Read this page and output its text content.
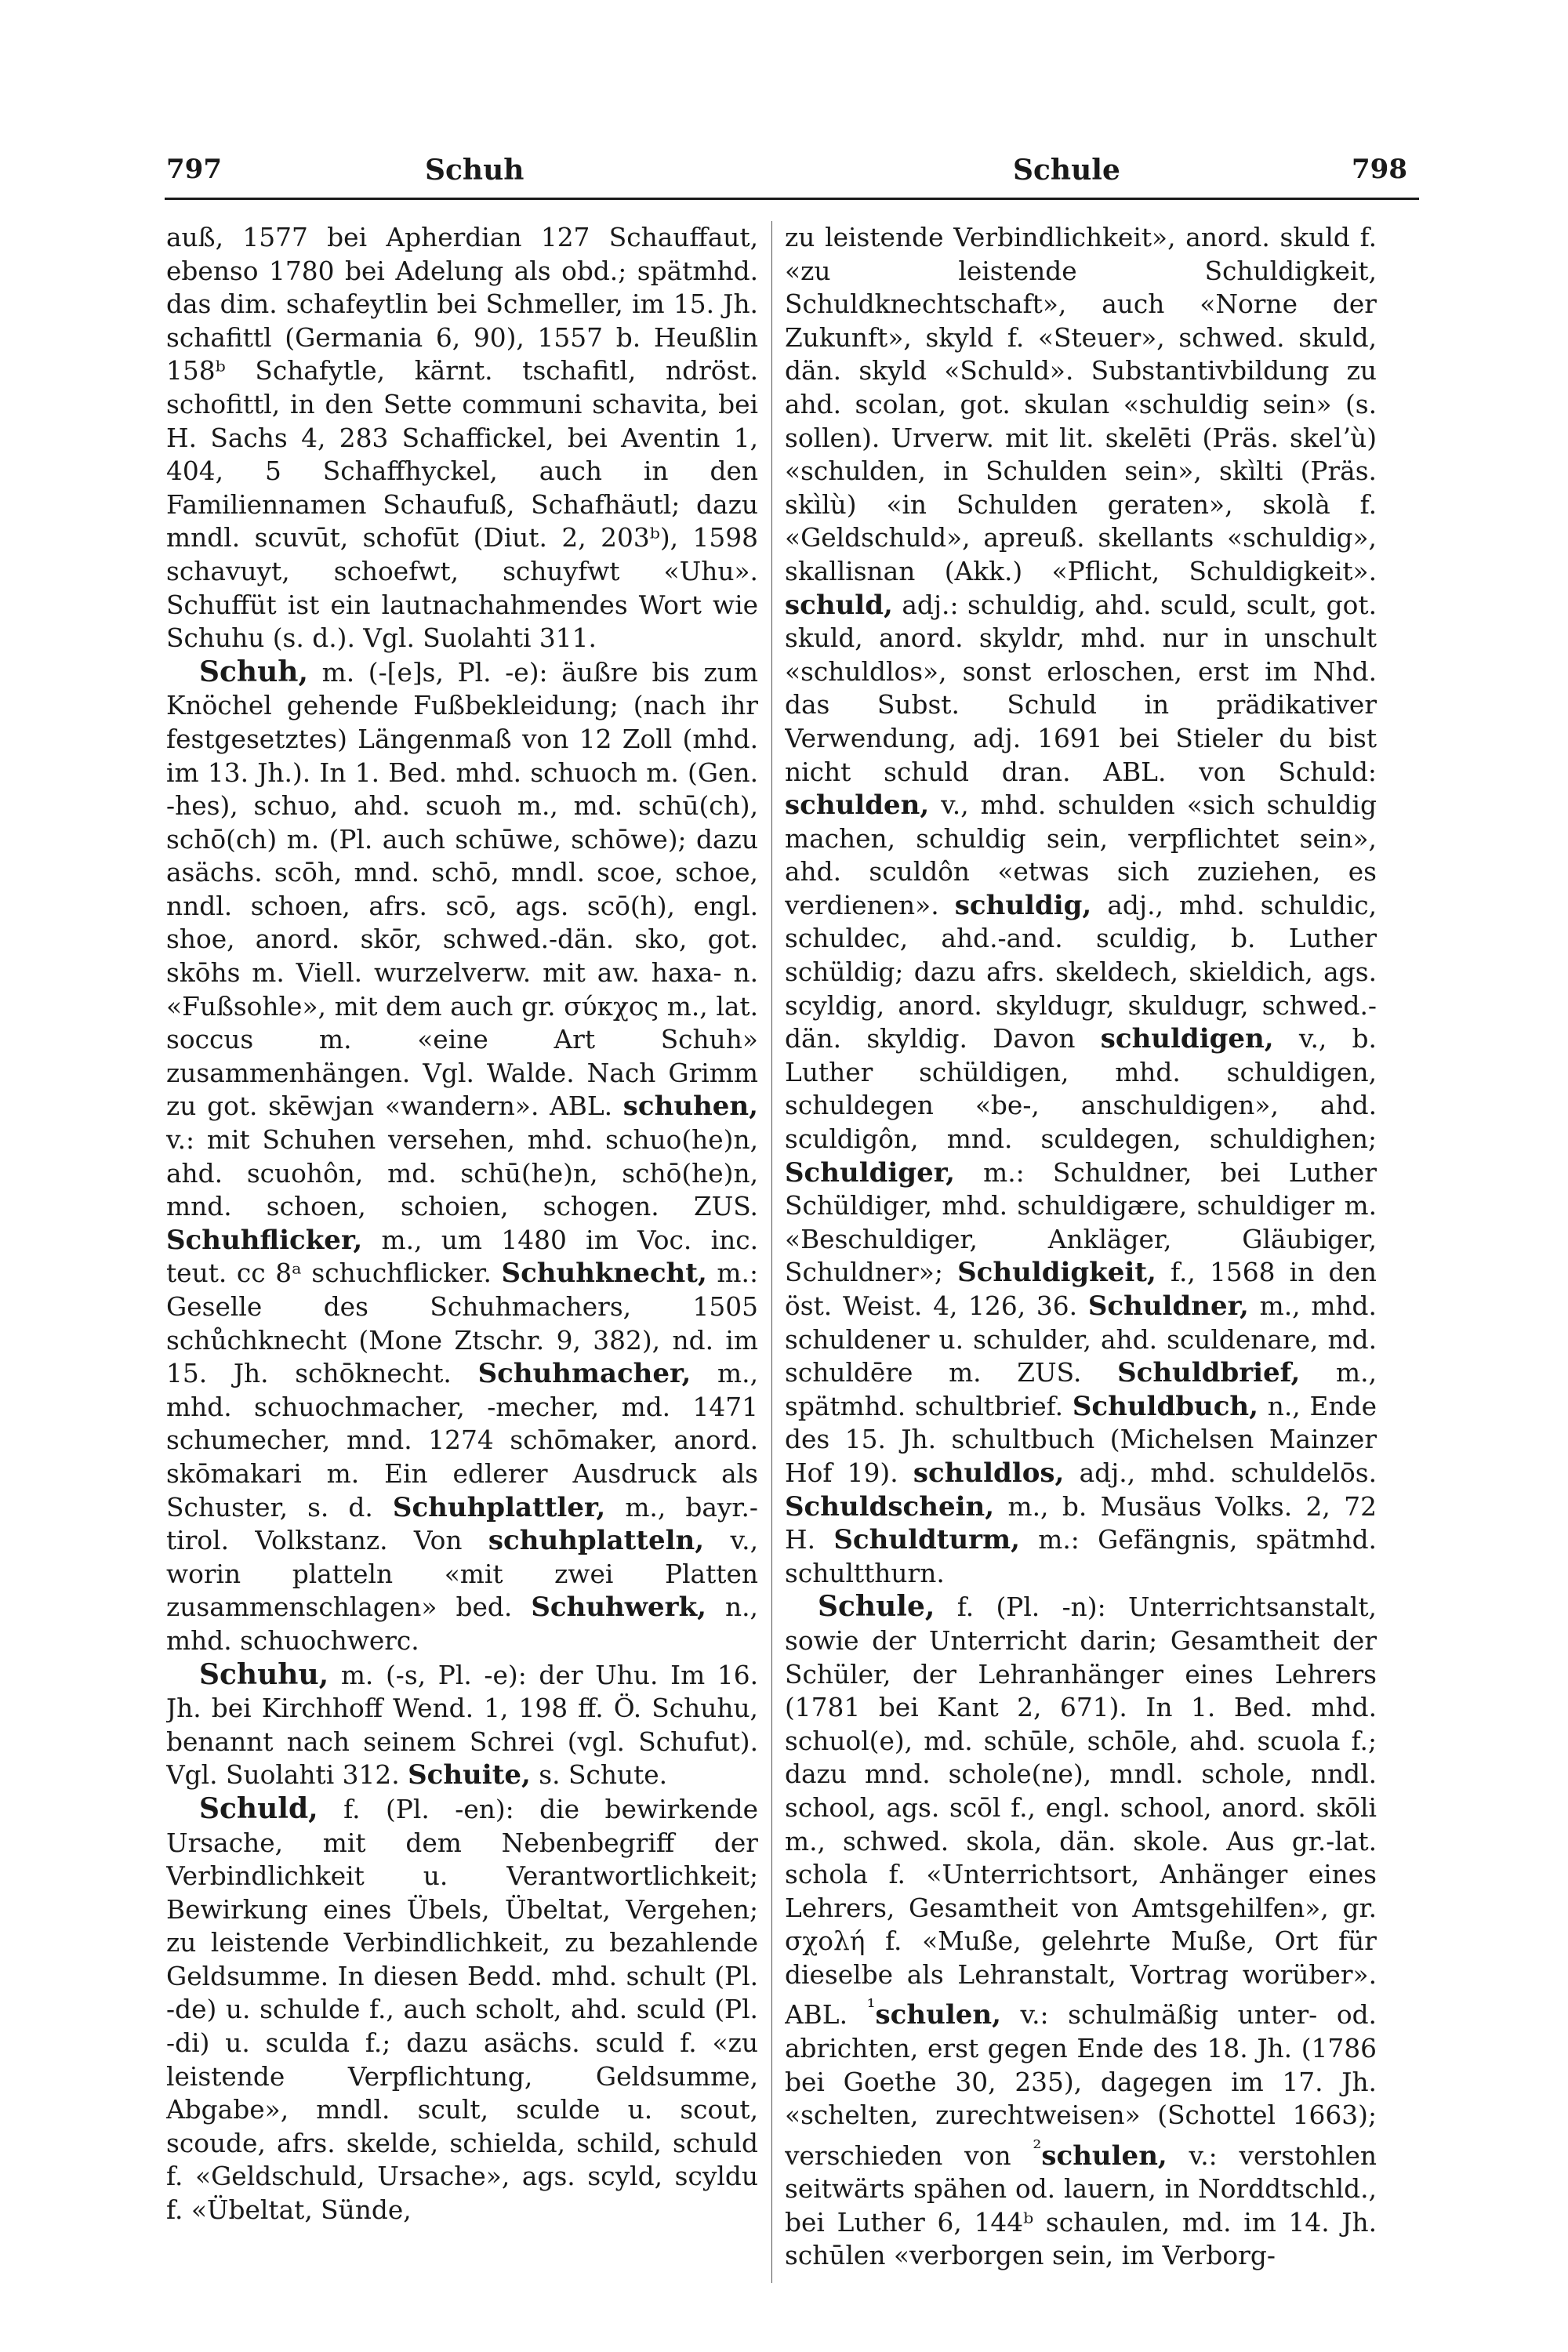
797	Schuh	Schule	798

auß, 1577 bei Apherdian 127 Schauffaut, ebenso 1780 bei Adelung als obd.; spätmhd. das dim. schafeytlin bei Schmeller, im 15. Jh. schafittl (Germania 6, 90), 1557 b. Heußlin 158ᵇ Schafytle, kärnt. tschafitl, ndröst. schofittl, in den Sette communi schavita, bei H. Sachs 4, 283 Schaffickel, bei Aventin 1, 404, 5 Schaffhyckel, auch in den Familiennamen Schaufuß, Schafhäutl; dazu mndl. scuvūt, schofūt (Diut. 2, 203ᵇ), 1598 schavuyt, schoefwt, schuyfwt «Uhu». Schuffüt ist ein lautnachahmendes Wort wie Schuhu (s. d.). Vgl. Suolahti 311.

Schuh, m. (-[e]s, Pl. -e): äußre bis zum Knöchel gehende Fußbekleidung; (nach ihr festgesetztes) Längenmaß von 12 Zoll (mhd. im 13. Jh.). In 1. Bed. mhd. schuoch m. (Gen. -hes), schuo, ahd. scuoh m., md. schū(ch), schō(ch) m. (Pl. auch schūwe, schōwe); dazu asächs. scōh, mnd. schō, mndl. scoe, schoe, nndl. schoen, afrs. scō, ags. scō(h), engl. shoe, anord. skōr, schwed.-dän. sko, got. skōhs m. Viell. wurzelverw. mit aw. haxa- n. «Fußsohle», mit dem auch gr. σύκχος m., lat. soccus m. «eine Art Schuh» zusammenhängen. Vgl. Walde. Nach Grimm zu got. skēwjan «wandern». ABL. schuhen, v.: mit Schuhen versehen, mhd. schuo(he)n, ahd. scuohôn, md. schū(he)n, schō(he)n, mnd. schoen, schoien, schogen. ZUS. Schuhflicker, m., um 1480 im Voc. inc. teut. cc 8ᵃ schuchflicker. Schuhknecht, m.: Geselle des Schuhmachers, 1505 schůchknecht (Mone Ztschr. 9, 382), nd. im 15. Jh. schōknecht. Schuhmacher, m., mhd. schuochmacher, -mecher, md. 1471 schumecher, mnd. 1274 schōmaker, anord. skōmakari m. Ein edlerer Ausdruck als Schuster, s. d. Schuhplattler, m., bayr.-tirol. Volkstanz. Von schuhplatteln, v., worin platteln «mit zwei Platten zusammenschlagen» bed. Schuhwerk, n., mhd. schuochwerc.

Schuhu, m. (-s, Pl. -e): der Uhu. Im 16. Jh. bei Kirchhoff Wend. 1, 198 ff. Ö. Schuhu, benannt nach seinem Schrei (vgl. Schufut). Vgl. Suolahti 312. Schuite, s. Schute.

Schuld, f. (Pl. -en): die bewirkende Ursache, mit dem Nebenbegriff der Verbindlichkeit u. Verantwortlichkeit; Bewirkung eines Übels, Übeltat, Vergehen; zu leistende Verbindlichkeit, zu bezahlende Geldsumme. In diesen Bedd. mhd. schult (Pl. -de) u. schulde f., auch scholt, ahd. sculd (Pl. -di) u. sculda f.; dazu asächs. sculd f. «zu leistende Verpflichtung, Geldsumme, Abgabe», mndl. scult, sculde u. scout, scoude, afrs. skelde, schielda, schild, schuld f. «Geldschuld, Ursache», ags. scyld, scyldu f. «Übeltat, Sünde,

zu leistende Verbindlichkeit», anord. skuld f. «zu leistende Schuldigkeit, Schuldknechtschaft», auch «Norne der Zukunft», skyld f. «Steuer», schwed. skuld, dän. skyld «Schuld». Substantivbildung zu ahd. scolan, got. skulan «schuldig sein» (s. sollen). Urverw. mit lit. skelēti (Präs. skelʼù) «schulden, in Schulden sein», skìlti (Präs. skìlù) «in Schulden geraten», skolà f. «Geldschuld», apreuß. skellants «schuldig», skallisnan (Akk.) «Pflicht, Schuldigkeit». schuld, adj.: schuldig, ahd. sculd, scult, got. skuld, anord. skyldr, mhd. nur in unschult «schuldlos», sonst erloschen, erst im Nhd. das Subst. Schuld in prädikativer Verwendung, adj. 1691 bei Stieler du bist nicht schuld dran. ABL. von Schuld: schulden, v., mhd. schulden «sich schuldig machen, schuldig sein, verpflichtet sein», ahd. sculdôn «etwas sich zuziehen, es verdienen». schuldig, adj., mhd. schuldic, schuldec, ahd.-and. sculdig, b. Luther schüldig; dazu afrs. skeldech, skieldich, ags. scyldig, anord. skyldugr, skuldugr, schwed.-dän. skyldig. Davon schuldigen, v., b. Luther schüldigen, mhd. schuldigen, schuldegen «be-, anschuldigen», ahd. sculdigôn, mnd. sculdegen, schuldighen; Schuldiger, m.: Schuldner, bei Luther Schüldiger, mhd. schuldigære, schuldiger m. «Beschuldiger, Ankläger, Gläubiger, Schuldner»; Schuldigkeit, f., 1568 in den öst. Weist. 4, 126, 36. Schuldner, m., mhd. schuldener u. schulder, ahd. sculdenare, md. schuldēre m. ZUS. Schuldbrief, m., spätmhd. schultbrief. Schuldbuch, n., Ende des 15. Jh. schultbuch (Michelsen Mainzer Hof 19). schuldlos, adj., mhd. schuldelōs. Schuldschein, m., b. Musäus Volks. 2, 72 H. Schuldturm, m.: Gefängnis, spätmhd. schultthurn.

Schule, f. (Pl. -n): Unterrichtsanstalt, sowie der Unterricht darin; Gesamtheit der Schüler, der Lehranhänger eines Lehrers (1781 bei Kant 2, 671). In 1. Bed. mhd. schuol(e), md. schūle, schōle, ahd. scuola f.; dazu mnd. schole(ne), mndl. schole, nndl. school, ags. scōl f., engl. school, anord. skōli m., schwed. skola, dän. skole. Aus gr.-lat. schola f. «Unterrichtsort, Anhänger eines Lehrers, Gesamtheit von Amtsgehilfen», gr. σχολή f. «Muße, gelehrte Muße, Ort für dieselbe als Lehranstalt, Vortrag worüber». ABL. $^{^1}$schulen, v.: schulmäßig unter- od. abrichten, erst gegen Ende des 18. Jh. (1786 bei Goethe 30, 235), dagegen im 17. Jh. «schelten, zurechtweisen» (Schottel 1663); verschieden von $^{^2}$schulen, v.: verstohlen seitwärts spähen od. lauern, in Norddtschld., bei Luther 6, 144ᵇ schaulen, md. im 14. Jh. schūlen «verborgen sein, im Verborg-
